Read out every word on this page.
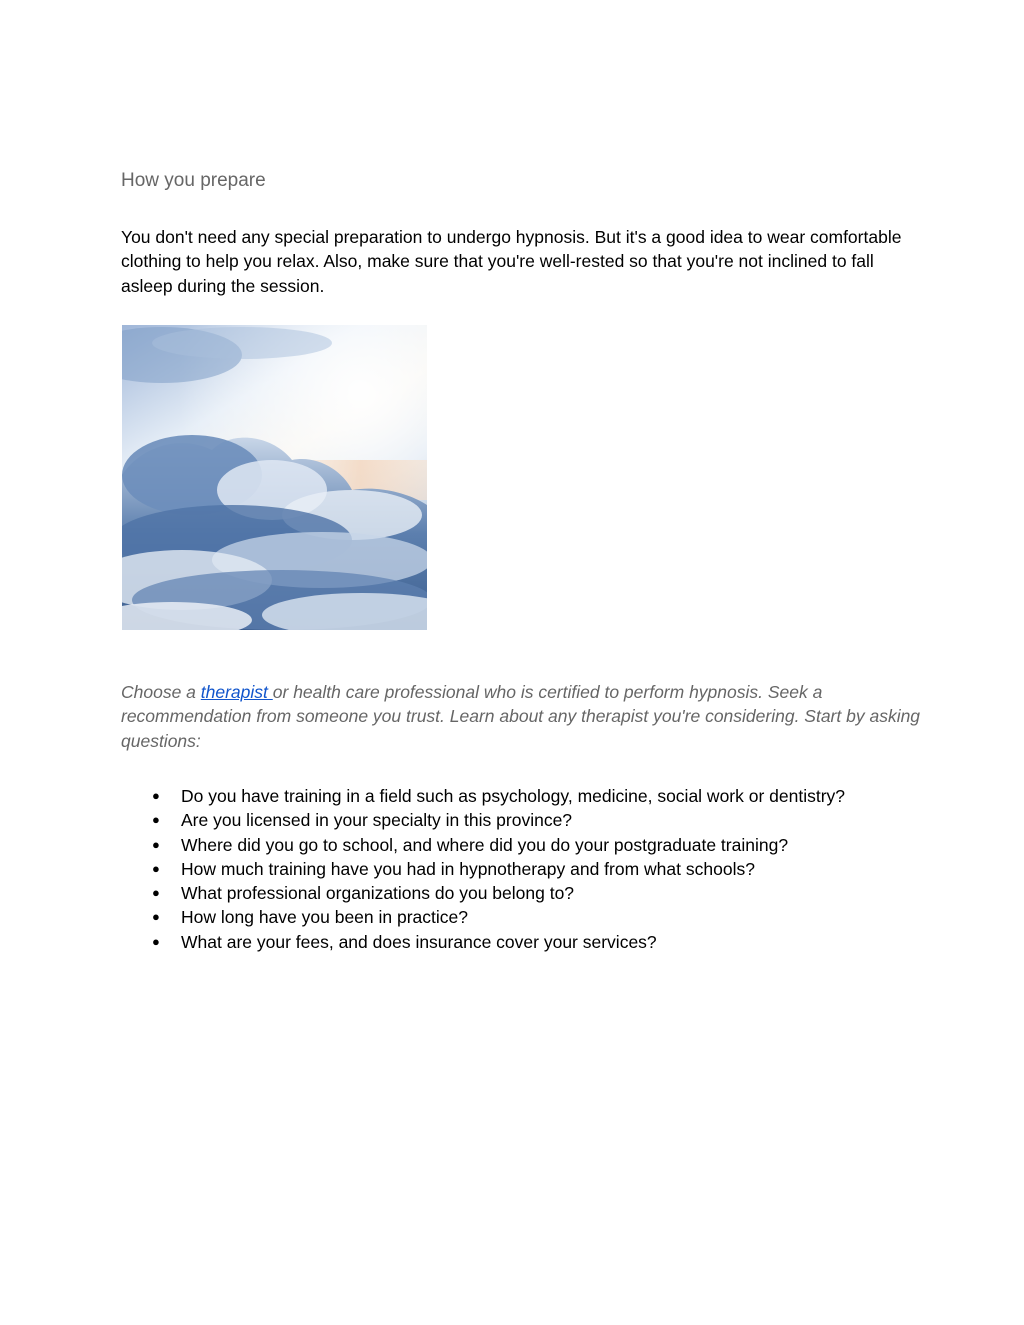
How you prepare

You don't need any special preparation to undergo hypnosis. But it's a good idea to wear comfortable clothing to help you relax. Also, make sure that you're well-rested so that you're not inclined to fall asleep during the session.

Choose a therapist or health care professional who is certified to perform hypnosis. Seek a recommendation from someone you trust. Learn about any therapist you're considering. Start by asking questions:

● Do you have training in a field such as psychology, medicine, social work or dentistry?
● Are you licensed in your specialty in this province?
● Where did you go to school, and where did you do your postgraduate training?
● How much training have you had in hypnotherapy and from what schools?
● What professional organizations do you belong to?
● How long have you been in practice?
● What are your fees, and does insurance cover your services?
